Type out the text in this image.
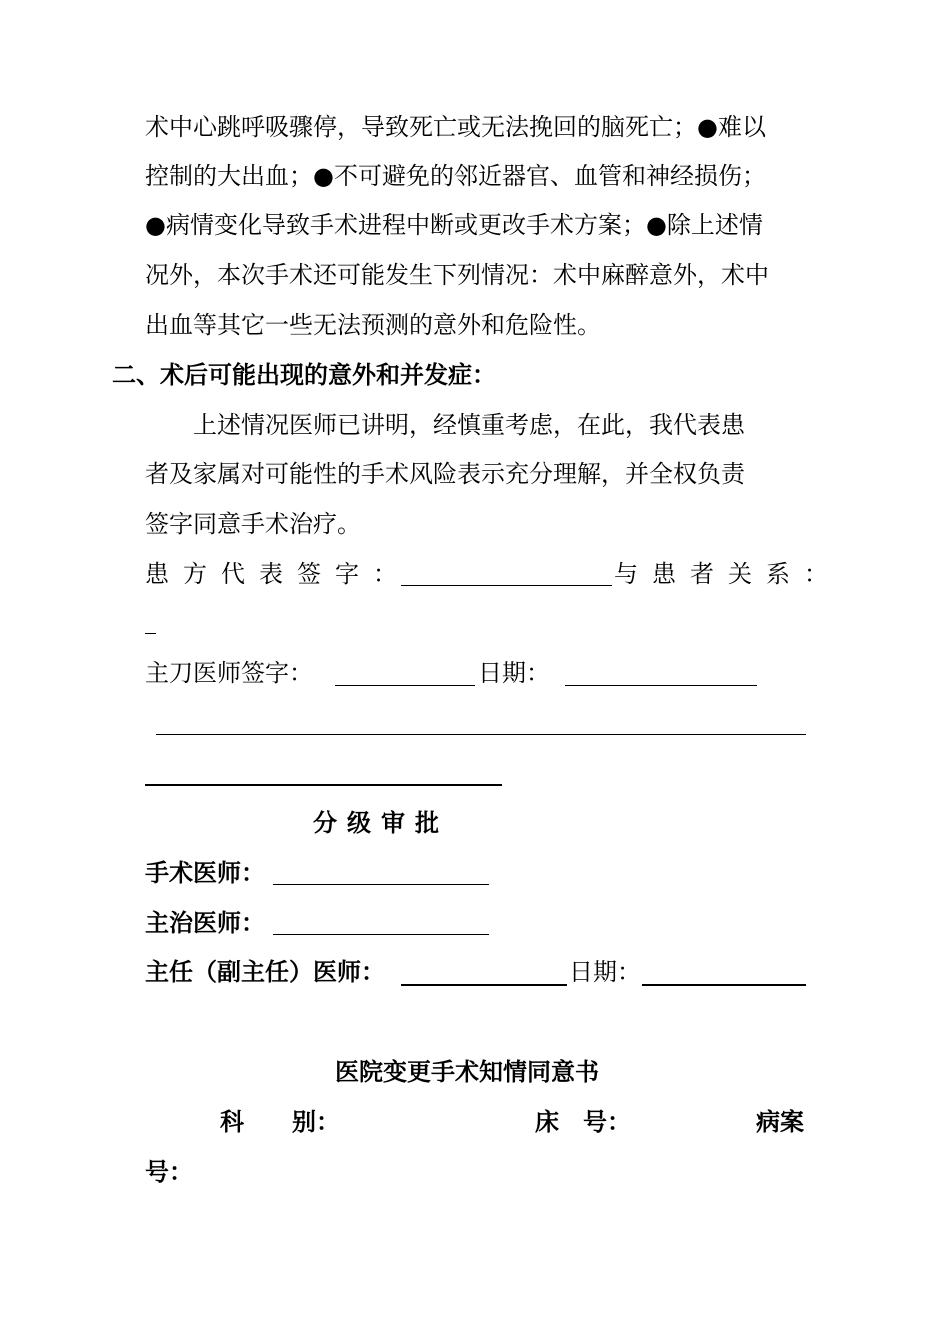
术中心跳呼吸骤停，导致死亡或无法挽回的脑死亡；●难以
控制的大出血；●不可避免的邻近器官、血管和神经损伤；
●病情变化导致手术进程中断或更改手术方案；●除上述情
况外，本次手术还可能发生下列情况：术中麻醉意外，术中
出血等其它一些无法预测的意外和危险性。
二、术后可能出现的意外和并发症：
上述情况医师已讲明，经慎重考虑，在此，我代表患
者及家属对可能性的手术风险表示充分理解，并全权负责
签字同意手术治疗。
患方代表签字：	与患者关系：
主刀医师签字：	日期：
分级审批
手术医师：
主治医师：
主任（副主任）医师：	日期：
医院变更手术知情同意书
科　　别：	床　号：	病案
号：
